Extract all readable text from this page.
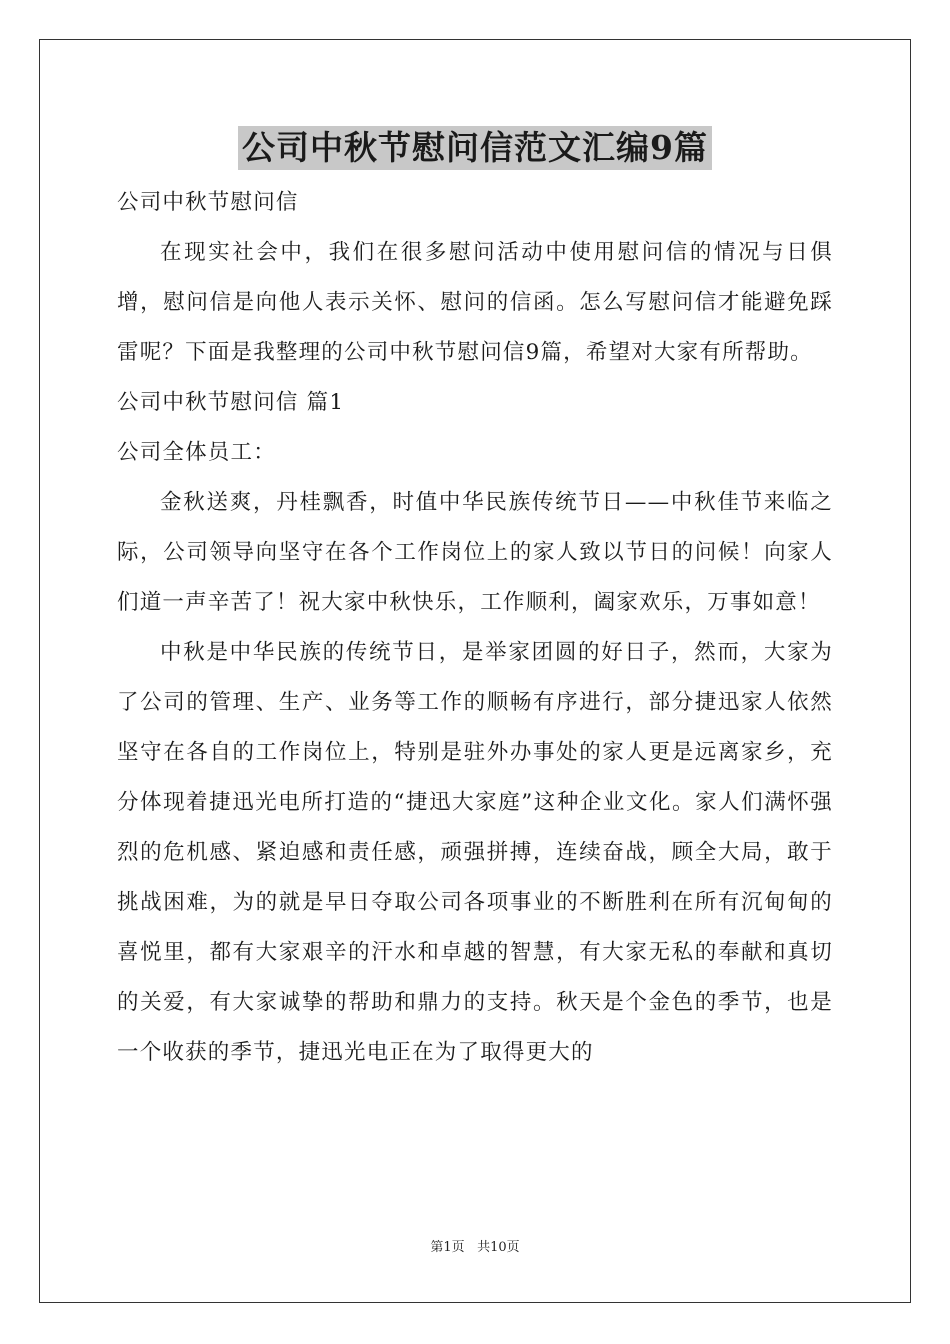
公司中秋节慰问信范文汇编9篇

公司中秋节慰问信

在现实社会中，我们在很多慰问活动中使用慰问信的情况与日俱增，慰问信是向他人表示关怀、慰问的信函。怎么写慰问信才能避免踩雷呢？下面是我整理的公司中秋节慰问信9篇，希望对大家有所帮助。

公司中秋节慰问信 篇1

公司全体员工：

金秋送爽，丹桂飘香，时值中华民族传统节日——中秋佳节来临之际，公司领导向坚守在各个工作岗位上的家人致以节日的问候！向家人们道一声辛苦了！祝大家中秋快乐，工作顺利，阖家欢乐，万事如意！

中秋是中华民族的传统节日，是举家团圆的好日子，然而，大家为了公司的管理、生产、业务等工作的顺畅有序进行，部分捷迅家人依然坚守在各自的工作岗位上，特别是驻外办事处的家人更是远离家乡，充分体现着捷迅光电所打造的“捷迅大家庭”这种企业文化。家人们满怀强烈的危机感、紧迫感和责任感，顽强拼搏，连续奋战，顾全大局，敢于挑战困难，为的就是早日夺取公司各项事业的不断胜利在所有沉甸甸的喜悦里，都有大家艰辛的汗水和卓越的智慧，有大家无私的奉献和真切的关爱，有大家诚挚的帮助和鼎力的支持。秋天是个金色的季节，也是一个收获的季节，捷迅光电正在为了取得更大的

第1页 共10页
